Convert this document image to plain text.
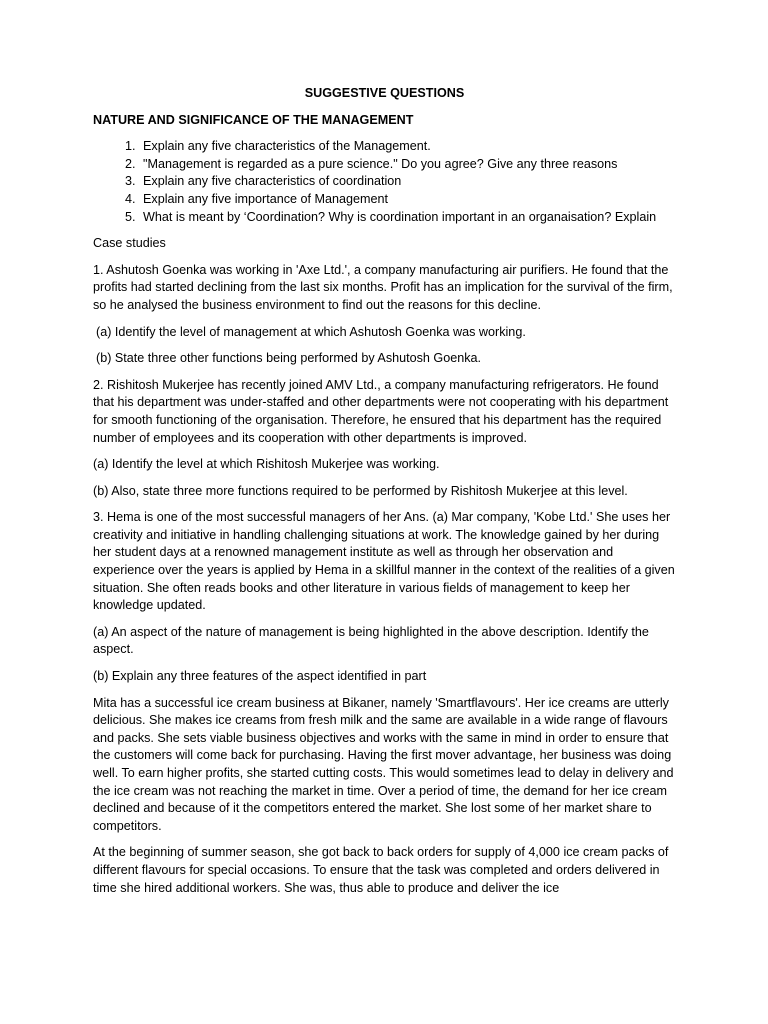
SUGGESTIVE QUESTIONS
NATURE AND SIGNIFICANCE OF THE MANAGEMENT
1. Explain any five characteristics of the Management.
2. "Management is regarded as a pure science." Do you agree? Give any three reasons
3. Explain any five characteristics of coordination
4. Explain any five importance of Management
5. What is meant by ‘Coordination? Why is coordination important in an organaisation? Explain

Case studies

1. Ashutosh Goenka was working in 'Axe Ltd.', a company manufacturing air purifiers. He found that the profits had started declining from the last six months. Profit has an implication for the survival of the firm, so he analysed the business environment to find out the reasons for this decline.

(a) Identify the level of management at which Ashutosh Goenka was working.

(b) State three other functions being performed by Ashutosh Goenka.

2. Rishitosh Mukerjee has recently joined AMV Ltd., a company manufacturing refrigerators. He found that his department was under-staffed and other departments were not cooperating with his department for smooth functioning of the organisation. Therefore, he ensured that his department has the required number of employees and its cooperation with other departments is improved.

(a) Identify the level at which Rishitosh Mukerjee was working.

(b) Also, state three more functions required to be performed by Rishitosh Mukerjee at this level.

3. Hema is one of the most successful managers of her Ans. (a) Mar company, 'Kobe Ltd.' She uses her creativity and initiative in handling challenging situations at work. The knowledge gained by her during her student days at a renowned management institute as well as through her observation and experience over the years is applied by Hema in a skillful manner in the context of the realities of a given situation. She often reads books and other literature in various fields of management to keep her knowledge updated.

(a) An aspect of the nature of management is being highlighted in the above description. Identify the aspect.

(b) Explain any three features of the aspect identified in part

Mita has a successful ice cream business at Bikaner, namely 'Smartflavours'. Her ice creams are utterly delicious. She makes ice creams from fresh milk and the same are available in a wide range of flavours and packs. She sets viable business objectives and works with the same in mind in order to ensure that the customers will come back for purchasing. Having the first mover advantage, her business was doing well. To earn higher profits, she started cutting costs. This would sometimes lead to delay in delivery and the ice cream was not reaching the market in time. Over a period of time, the demand for her ice cream declined and because of it the competitors entered the market. She lost some of her market share to competitors.

At the beginning of summer season, she got back to back orders for supply of 4,000 ice cream packs of different flavours for special occasions. To ensure that the task was completed and orders delivered in time she hired additional workers. She was, thus able to produce and deliver the ice
